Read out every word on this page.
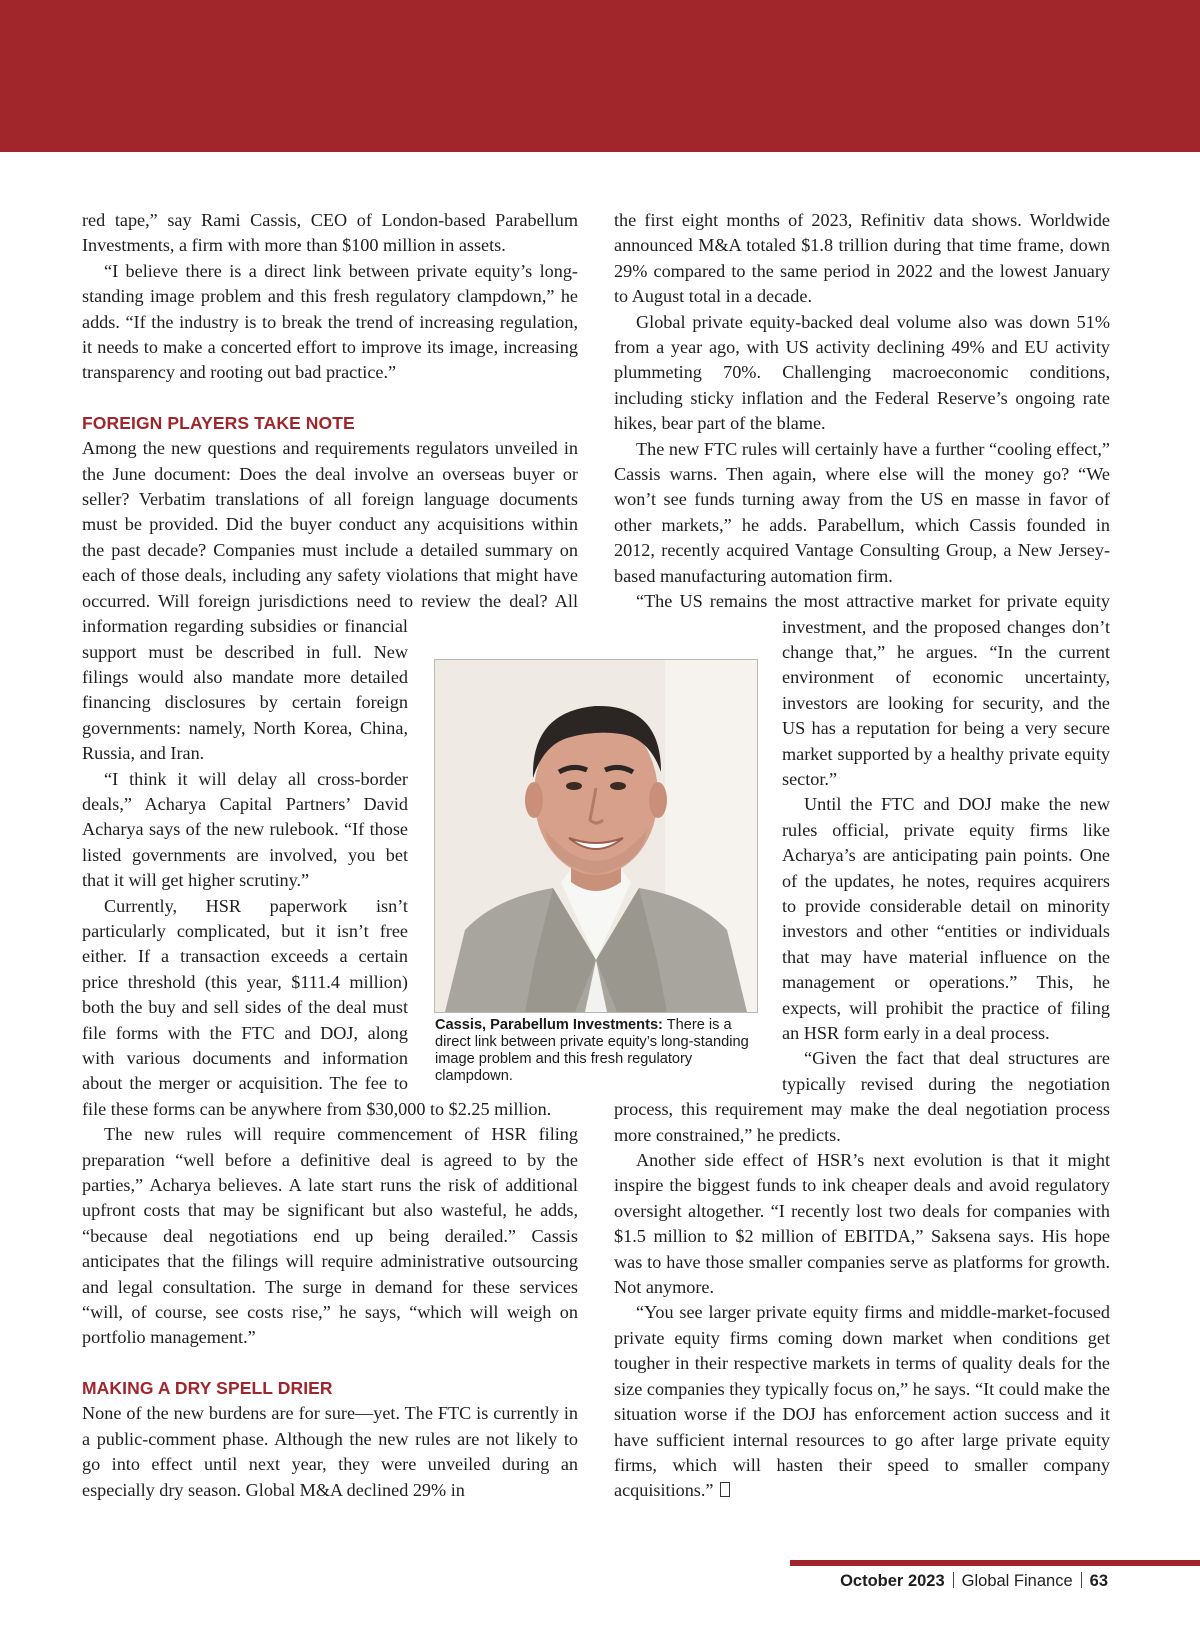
red tape,” say Rami Cassis, CEO of London-based Parabellum Investments, a firm with more than $100 million in assets.

“I believe there is a direct link between private equity’s long-standing image problem and this fresh regulatory clampdown,” he adds. “If the industry is to break the trend of increasing regulation, it needs to make a concerted effort to improve its image, increasing transparency and rooting out bad practice.”

FOREIGN PLAYERS TAKE NOTE

Among the new questions and requirements regulators unveiled in the June document: Does the deal involve an overseas buyer or seller? Verbatim translations of all foreign language documents must be provided. Did the buyer conduct any acquisitions within the past decade? Companies must include a detailed summary on each of those deals, including any safety violations that might have occurred. Will foreign jurisdictions need to review the deal? All information regarding subsidies or financial support must be described in full. New filings would also mandate more detailed financing disclosures by certain foreign governments: namely, North Korea, China, Russia, and Iran.

“I think it will delay all cross-border deals,” Acharya Capital Partners’ David Acharya says of the new rulebook. “If those listed governments are involved, you bet that it will get higher scrutiny.”

Currently, HSR paperwork isn’t particularly complicated, but it isn’t free either. If a transaction exceeds a certain price threshold (this year, $111.4 million) both the buy and sell sides of the deal must file forms with the FTC and DOJ, along with various documents and information about the merger or acquisition. The fee to file these forms can be anywhere from $30,000 to $2.25 million.

The new rules will require commencement of HSR filing preparation “well before a definitive deal is agreed to by the parties,” Acharya believes. A late start runs the risk of additional upfront costs that may be significant but also wasteful, he adds, “because deal negotiations end up being derailed.” Cassis anticipates that the filings will require administrative outsourcing and legal consultation. The surge in demand for these services “will, of course, see costs rise,” he says, “which will weigh on portfolio management.”

MAKING A DRY SPELL DRIER

None of the new burdens are for sure—yet. The FTC is currently in a public-comment phase. Although the new rules are not likely to go into effect until next year, they were unveiled during an especially dry season. Global M&A declined 29% in

the first eight months of 2023, Refinitiv data shows. Worldwide announced M&A totaled $1.8 trillion during that time frame, down 29% compared to the same period in 2022 and the lowest January to August total in a decade.

Global private equity-backed deal volume also was down 51% from a year ago, with US activity declining 49% and EU activity plummeting 70%. Challenging macroeconomic conditions, including sticky inflation and the Federal Reserve’s ongoing rate hikes, bear part of the blame.

The new FTC rules will certainly have a further “cooling effect,” Cassis warns. Then again, where else will the money go? “We won’t see funds turning away from the US en masse in favor of other markets,” he adds. Parabellum, which Cassis founded in 2012, recently acquired Vantage Consulting Group, a New Jersey-based manufacturing automation firm.

“The US remains the most attractive market for private equity investment, and the proposed changes don’t change that,” he argues. “In the current environment of economic uncertainty, investors are looking for security, and the US has a reputation for being a very secure market supported by a healthy private equity sector.”

Until the FTC and DOJ make the new rules official, private equity firms like Acharya’s are anticipating pain points. One of the updates, he notes, requires acquirers to provide considerable detail on minority investors and other “entities or individuals that may have material influence on the management or operations.” This, he expects, will prohibit the practice of filing an HSR form early in a deal process.

“Given the fact that deal structures are typically revised during the negotiation process, this requirement may make the deal negotiation process more constrained,” he predicts.

Another side effect of HSR’s next evolution is that it might inspire the biggest funds to ink cheaper deals and avoid regulatory oversight altogether. “I recently lost two deals for companies with $1.5 million to $2 million of EBITDA,” Saksena says. His hope was to have those smaller companies serve as platforms for growth. Not anymore.

“You see larger private equity firms and middle-market-focused private equity firms coming down market when conditions get tougher in their respective markets in terms of quality deals for the size companies they typically focus on,” he says. “It could make the situation worse if the DOJ has enforcement action success and it have sufficient internal resources to go after large private equity firms, which will hasten their speed to smaller company acquisitions.”

Cassis, Parabellum Investments: There is a direct link between private equity’s long-standing image problem and this fresh regulatory clampdown.
October 2023 Global Finance 63
